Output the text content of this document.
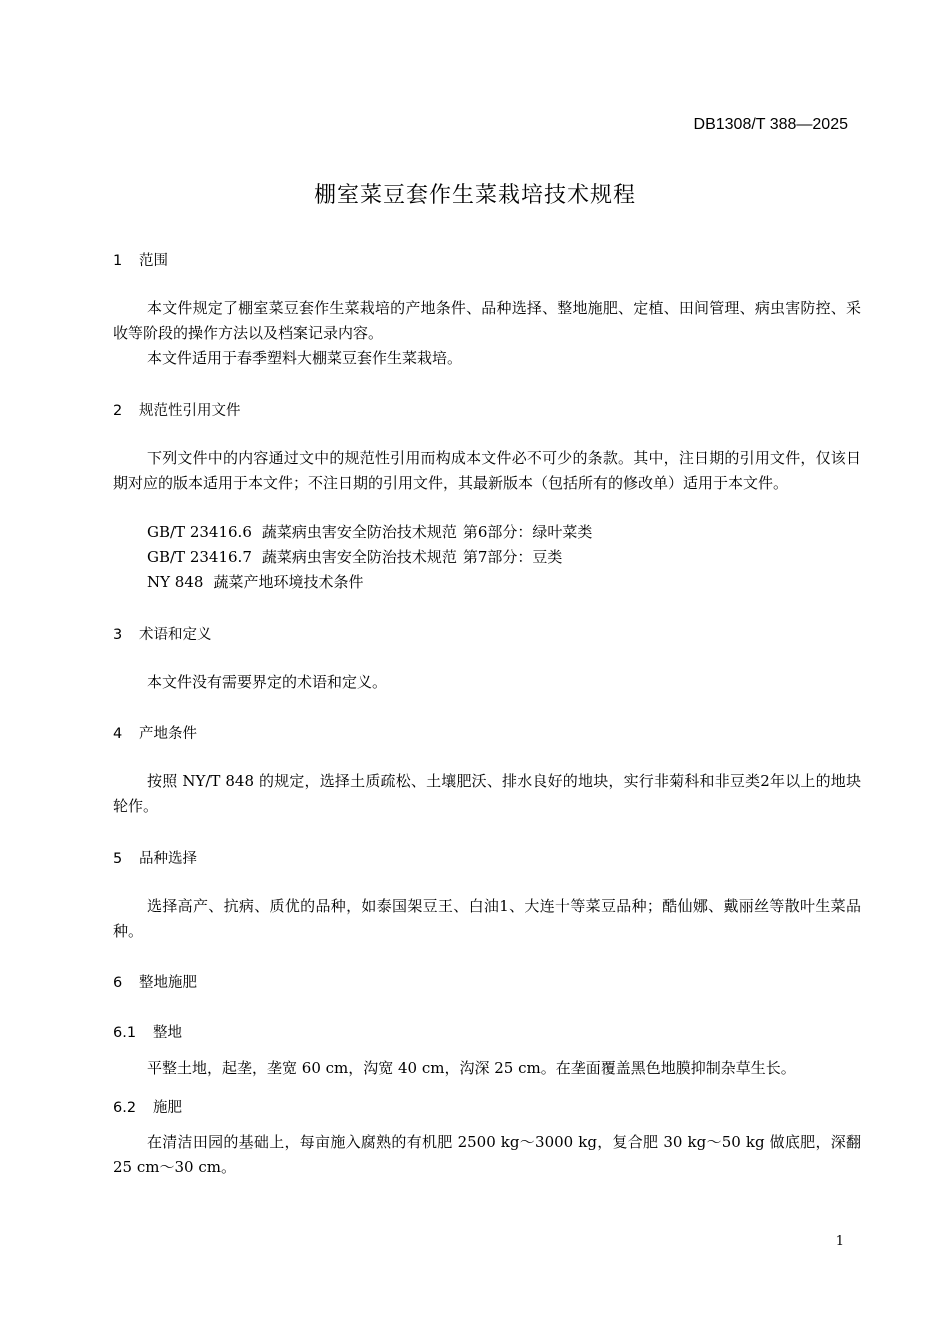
DB1308/T 388—2025
棚室菜豆套作生菜栽培技术规程
1 范围
本文件规定了棚室菜豆套作生菜栽培的产地条件、品种选择、整地施肥、定植、田间管理、病虫害防控、采收等阶段的操作方法以及档案记录内容。
本文件适用于春季塑料大棚菜豆套作生菜栽培。
2 规范性引用文件
下列文件中的内容通过文中的规范性引用而构成本文件必不可少的条款。其中，注日期的引用文件，仅该日期对应的版本适用于本文件；不注日期的引用文件，其最新版本（包括所有的修改单）适用于本文件。
GB/T 23416.6 蔬菜病虫害安全防治技术规范 第6部分：绿叶菜类
GB/T 23416.7 蔬菜病虫害安全防治技术规范 第7部分：豆类
NY 848 蔬菜产地环境技术条件
3 术语和定义
本文件没有需要界定的术语和定义。
4 产地条件
按照 NY/T 848 的规定，选择土质疏松、土壤肥沃、排水良好的地块，实行非菊科和非豆类2年以上的地块轮作。
5 品种选择
选择高产、抗病、质优的品种，如泰国架豆王、白油1、大连十等菜豆品种；酷仙娜、戴丽丝等散叶生菜品种。
6 整地施肥
6.1 整地
平整土地，起垄，垄宽 60 cm，沟宽 40 cm，沟深 25 cm。在垄面覆盖黑色地膜抑制杂草生长。
6.2 施肥
在清洁田园的基础上，每亩施入腐熟的有机肥 2500 kg～3000 kg，复合肥 30 kg～50 kg 做底肥，深翻 25 cm～30 cm。
1
